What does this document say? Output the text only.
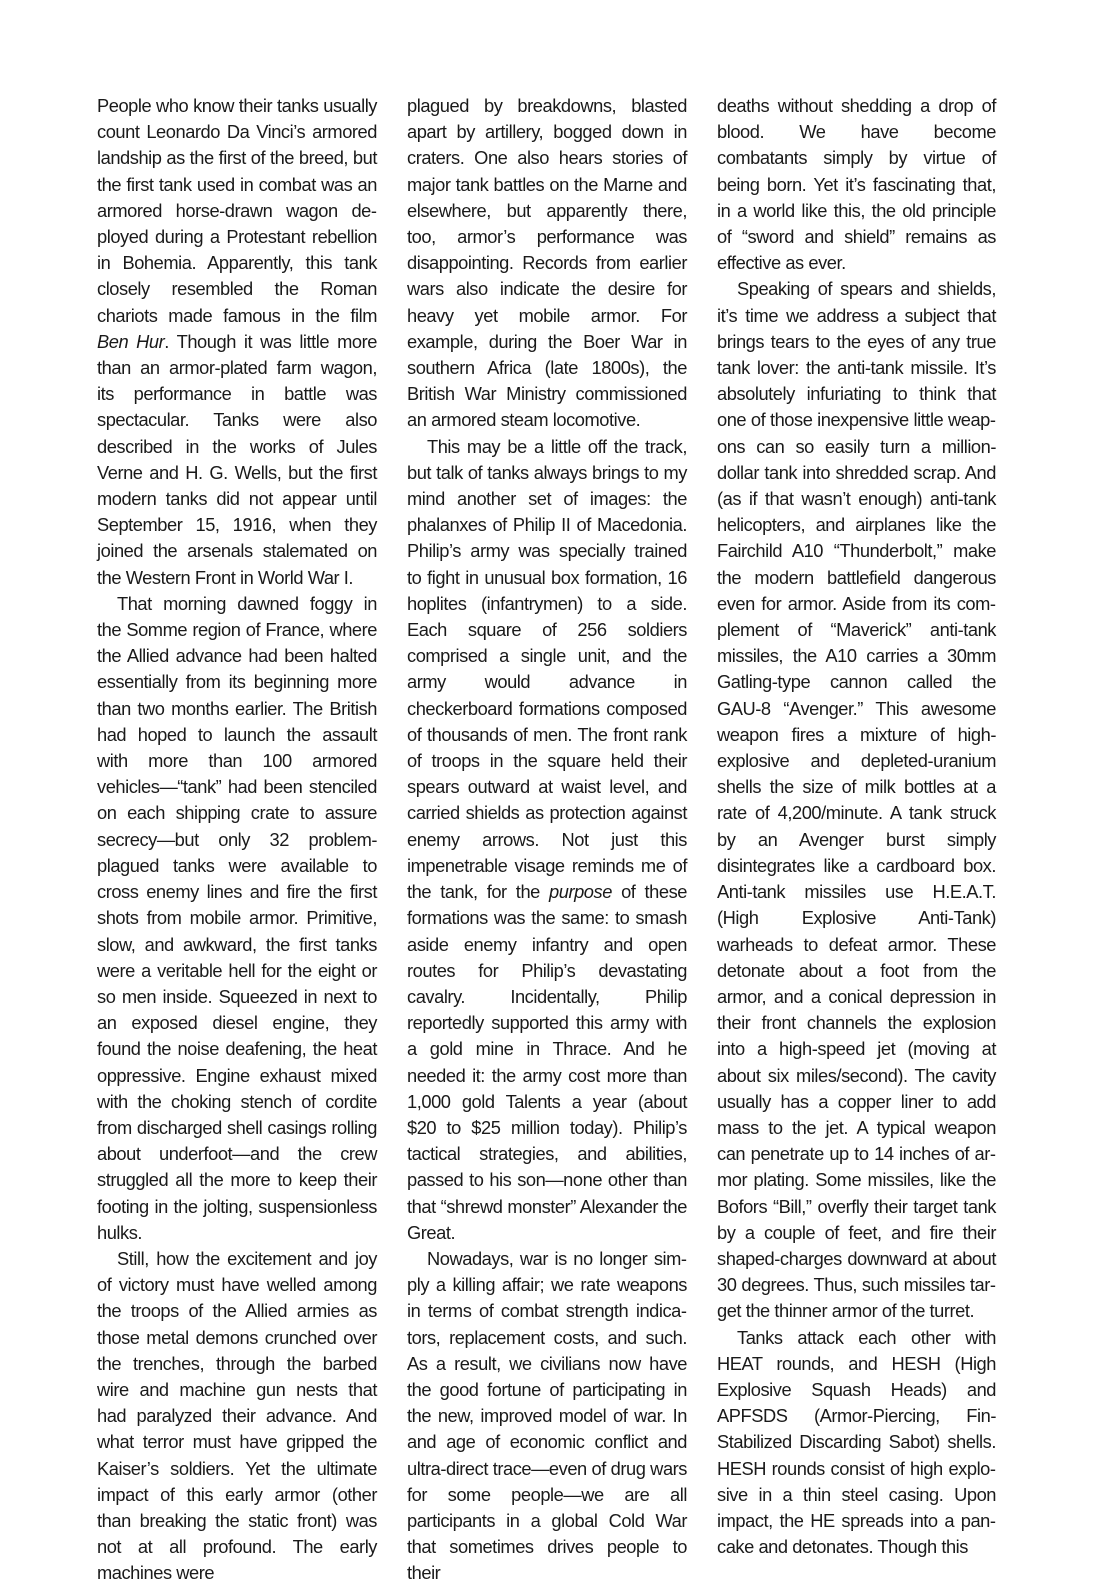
People who know their tanks usually count Leonardo Da Vinci’s armored landship as the first of the breed, but the first tank used in combat was an armored horse-drawn wagon deployed during a Protestant rebellion in Bohemia. Apparently, this tank closely resembled the Roman chariots made famous in the film Ben Hur. Though it was little more than an armor-plated farm wagon, its performance in battle was spectacular. Tanks were also described in the works of Jules Verne and H. G. Wells, but the first modern tanks did not appear until September 15, 1916, when they joined the arsenals stalemated on the Western Front in World War I.

That morning dawned foggy in the Somme region of France, where the Allied advance had been halted essentially from its beginning more than two months earlier. The British had hoped to launch the assault with more than 100 armored vehicles—“tank” had been stenciled on each shipping crate to assure secrecy—but only 32 problem-plagued tanks were available to cross enemy lines and fire the first shots from mobile armor. Primitive, slow, and awkward, the first tanks were a veritable hell for the eight or so men inside. Squeezed in next to an exposed diesel engine, they found the noise deafening, the heat oppressive. Engine exhaust mixed with the choking stench of cordite from discharged shell casings rolling about underfoot—and the crew struggled all the more to keep their footing in the jolting, suspensionless hulks.

Still, how the excitement and joy of victory must have welled among the troops of the Allied armies as those metal demons crunched over the trenches, through the barbed wire and machine gun nests that had paralyzed their advance. And what terror must have gripped the Kaiser’s soldiers. Yet the ultimate impact of this early armor (other than breaking the static front) was not at all profound. The early machines were

plagued by breakdowns, blasted apart by artillery, bogged down in craters. One also hears stories of major tank battles on the Marne and elsewhere, but apparently there, too, armor’s performance was disappointing. Records from earlier wars also indicate the desire for heavy yet mobile armor. For example, during the Boer War in southern Africa (late 1800s), the British War Ministry commissioned an armored steam locomotive.

This may be a little off the track, but talk of tanks always brings to my mind another set of images: the phalanxes of Philip II of Macedonia. Philip’s army was specially trained to fight in unusual box formation, 16 hoplites (infantrymen) to a side. Each square of 256 soldiers comprised a single unit, and the army would advance in checkerboard formations composed of thousands of men. The front rank of troops in the square held their spears outward at waist level, and carried shields as protection against enemy arrows. Not just this impenetrable visage reminds me of the tank, for the purpose of these formations was the same: to smash aside enemy infantry and open routes for Philip’s devastating cavalry. Incidentally, Philip reportedly supported this army with a gold mine in Thrace. And he needed it: the army cost more than 1,000 gold Talents a year (about $20 to $25 million today). Philip’s tactical strategies, and abilities, passed to his son—none other than that “shrewd monster” Alexander the Great.

Nowadays, war is no longer simply a killing affair; we rate weapons in terms of combat strength indicators, replacement costs, and such. As a result, we civilians now have the good fortune of participating in the new, improved model of war. In and age of economic conflict and ultra-direct trace—even of drug wars for some people—we are all participants in a global Cold War that sometimes drives people to their

deaths without shedding a drop of blood. We have become combatants simply by virtue of being born. Yet it’s fascinating that, in a world like this, the old principle of “sword and shield” remains as effective as ever.

Speaking of spears and shields, it’s time we address a subject that brings tears to the eyes of any true tank lover: the anti-tank missile. It’s absolutely infuriating to think that one of those inexpensive little weapons can so easily turn a million-dollar tank into shredded scrap. And (as if that wasn’t enough) anti-tank helicopters, and airplanes like the Fairchild A10 “Thunderbolt,” make the modern battlefield dangerous even for armor. Aside from its complement of “Maverick” anti-tank missiles, the A10 carries a 30mm Gatling-type cannon called the GAU-8 “Avenger.” This awesome weapon fires a mixture of high-explosive and depleted-uranium shells the size of milk bottles at a rate of 4,200/minute. A tank struck by an Avenger burst simply disintegrates like a cardboard box. Anti-tank missiles use H.E.A.T. (High Explosive Anti-Tank) warheads to defeat armor. These detonate about a foot from the armor, and a conical depression in their front channels the explosion into a high-speed jet (moving at about six miles/second). The cavity usually has a copper liner to add mass to the jet. A typical weapon can penetrate up to 14 inches of armor plating. Some missiles, like the Bofors “Bill,” overfly their target tank by a couple of feet, and fire their shaped-charges downward at about 30 degrees. Thus, such missiles target the thinner armor of the turret.

Tanks attack each other with HEAT rounds, and HESH (High Explosive Squash Heads) and APFSDS (Armor-Piercing, Fin-Stabilized Discarding Sabot) shells. HESH rounds consist of high explosive in a thin steel casing. Upon impact, the HE spreads into a pancake and detonates. Though this
